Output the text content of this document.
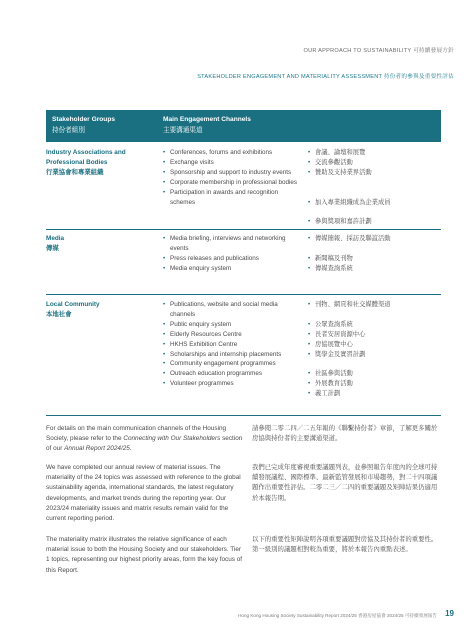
OUR APPROACH TO SUSTAINABILITY 可持續發展方針
STAKEHOLDER ENGAGEMENT AND MATERIALITY ASSESSMENT 持份者的參與及重要性評估
Stakeholder Groups
持份者組別
Main Engagement Channels
主要溝通渠道
Industry Associations and Professional Bodies
行業協會和專業組織
• Conferences, forums and exhibitions
• Exchange visits
• Sponsorship and support to industry events
• Corporate membership in professional bodies
• Participation in awards and recognition schemes
• 會議、論壇和展覽
• 交流參觀活動
• 贊助及支持業界活動
• 加入專業組織成為企業成員
• 參與獎項和嘉許計劃
Media
傳媒
• Media briefing, interviews and networking events
• Press releases and publications
• Media enquiry system
• 傳媒簡報、採訪及聯誼活動
• 新聞稿及刊物
• 傳媒查詢系統
Local Community
本地社會
• Publications, website and social media channels
• Public enquiry system
• Elderly Resources Centre
• HKHS Exhibition Centre
• Scholarships and internship placements
• Community engagement programmes
• Outreach education programmes
• Volunteer programmes
• 刊物、網頁和社交媒體渠道
• 公眾查詢系統
• 長者安居資源中心
• 房協展覽中心
• 獎學金及實習計劃
• 社區參與活動
• 外展教育活動
• 義工計劃
For details on the main communication channels of the Housing Society, please refer to the Connecting with Our Stakeholders section of our Annual Report 2024/25.
請參閱二零二四／二五年報的《聯繫持份者》章節，了解更多關於房協與持份者的主要溝通渠道。
We have completed our annual review of material issues. The materiality of the 24 topics was assessed with reference to the global sustainability agenda, international standards, the latest regulatory developments, and market trends during the reporting year. Our 2023/24 materiality issues and matrix results remain valid for the current reporting period.
我們已完成年度審視重要議題列表，並參照報告年度內的全球可持續發展議程、國際標準、最新監管發展和市場趨勢，對二十四項議題作出重要性評估。二零二三／二四的重要議題及矩陣結果仍適用於本報告期。
The materiality matrix illustrates the relative significance of each material issue to both the Housing Society and our stakeholders. Tier 1 topics, representing our highest priority areas, form the key focus of this Report.
以下的重要性矩陣說明各項重要議題對房協及其持份者的重要性。第一級別的議題相對較為重要，將於本報告內重點表述。
Hong Kong Housing Society Sustainability Report 2024/25 香港房屋協會 2024/25 可持續發展報告 19
